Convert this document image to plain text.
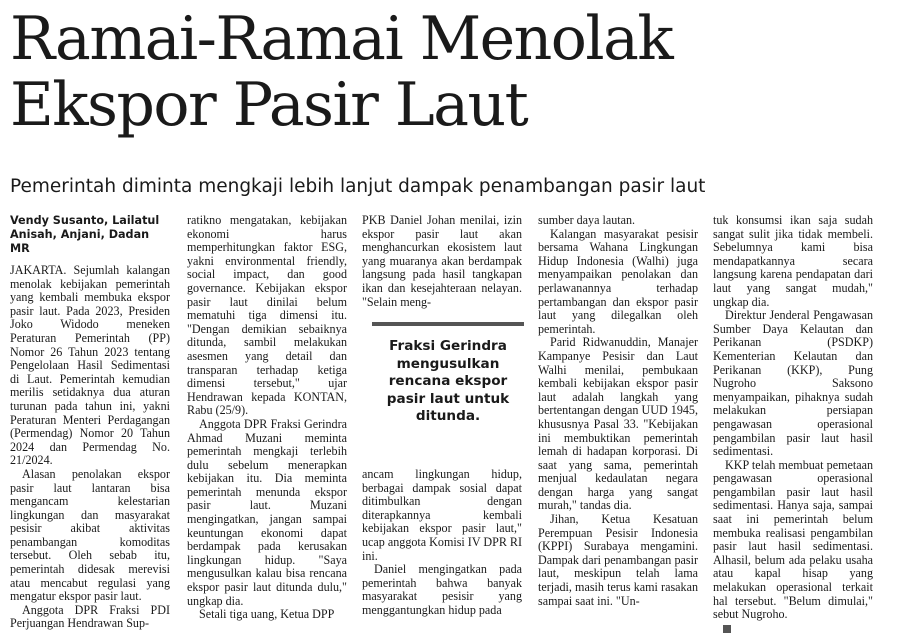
Ramai-Ramai Menolak
Ekspor Pasir Laut
Pemerintah diminta mengkaji lebih lanjut dampak penambangan pasir laut
Vendy Susanto, Lailatul Anisah, Anjani, Dadan MR

JAKARTA. Sejumlah kalangan menolak kebijakan pemerintah yang kembali membuka ekspor pasir laut. Pada 2023, Presiden Joko Widodo meneken Peraturan Pemerintah (PP) Nomor 26 Tahun 2023 tentang Pengelolaan Hasil Sedimentasi di Laut. Pemerintah kemudian merilis setidaknya dua aturan turunan pada tahun ini, yakni Peraturan Menteri Perdagangan (Permendag) Nomor 20 Tahun 2024 dan Permendag No. 21/2024.

Alasan penolakan ekspor pasir laut lantaran bisa mengancam kelestarian lingkungan dan masyarakat pesisir akibat aktivitas penambangan komoditas tersebut. Oleh sebab itu, pemerintah didesak merevisi atau mencabut regulasi yang mengatur ekspor pasir laut.

Anggota DPR Fraksi PDI Perjuangan Hendrawan Sup-

ratikno mengatakan, kebijakan ekonomi harus memperhitungkan faktor ESG, yakni environmental friendly, social impact, dan good governance. Kebijakan ekspor pasir laut dinilai belum mematuhi tiga dimensi itu. "Dengan demikian sebaiknya ditunda, sambil melakukan asesmen yang detail dan transparan terhadap ketiga dimensi tersebut," ujar Hendrawan kepada KONTAN, Rabu (25/9).

Anggota DPR Fraksi Gerindra Ahmad Muzani meminta pemerintah mengkaji terlebih dulu sebelum menerapkan kebijakan itu. Dia meminta pemerintah menunda ekspor pasir laut. Muzani mengingatkan, jangan sampai keuntungan ekonomi dapat berdampak pada kerusakan lingkungan hidup. "Saya mengusulkan kalau bisa rencana ekspor pasir laut ditunda dulu," ungkap dia.

Setali tiga uang, Ketua DPP

PKB Daniel Johan menilai, izin ekspor pasir laut akan menghancurkan ekosistem laut yang muaranya akan berdampak langsung pada hasil tangkapan ikan dan kesejahteraan nelayan. "Selain meng-

Fraksi Gerindra mengusulkan rencana ekspor pasir laut untuk ditunda.

ancam lingkungan hidup, berbagai dampak sosial dapat ditimbulkan dengan diterapkannya kembali kebijakan ekspor pasir laut," ucap anggota Komisi IV DPR RI ini.

Daniel mengingatkan pada pemerintah bahwa banyak masyarakat pesisir yang menggantungkan hidup pada

sumber daya lautan.

Kalangan masyarakat pesisir bersama Wahana Lingkungan Hidup Indonesia (Walhi) juga menyampaikan penolakan dan perlawanannya terhadap pertambangan dan ekspor pasir laut yang dilegalkan oleh pemerintah.

Parid Ridwanuddin, Manajer Kampanye Pesisir dan Laut Walhi menilai, pembukaan kembali kebijakan ekspor pasir laut adalah langkah yang bertentangan dengan UUD 1945, khususnya Pasal 33. "Kebijakan ini membuktikan pemerintah lemah di hadapan korporasi. Di saat yang sama, pemerintah menjual kedaulatan negara dengan harga yang sangat murah," tandas dia.

Jihan, Ketua Kesatuan Perempuan Pesisir Indonesia (KPPI) Surabaya mengamini. Dampak dari penambangan pasir laut, meskipun telah lama terjadi, masih terus kami rasakan sampai saat ini. "Un-

tuk konsumsi ikan saja sudah sangat sulit jika tidak membeli. Sebelumnya kami bisa mendapatkannya secara langsung karena pendapatan dari laut yang sangat mudah," ungkap dia.

Direktur Jenderal Pengawasan Sumber Daya Kelautan dan Perikanan (PSDKP) Kementerian Kelautan dan Perikanan (KKP), Pung Nugroho Saksono menyampaikan, pihaknya sudah melakukan persiapan pengawasan operasional pengambilan pasir laut hasil sedimentasi.

KKP telah membuat pemetaan pengawasan operasional pengambilan pasir laut hasil sedimentasi. Hanya saja, sampai saat ini pemerintah belum membuka realisasi pengambilan pasir laut hasil sedimentasi. Alhasil, belum ada pelaku usaha atau kapal hisap yang melakukan operasional terkait hal tersebut. "Belum dimulai," sebut Nugroho.
